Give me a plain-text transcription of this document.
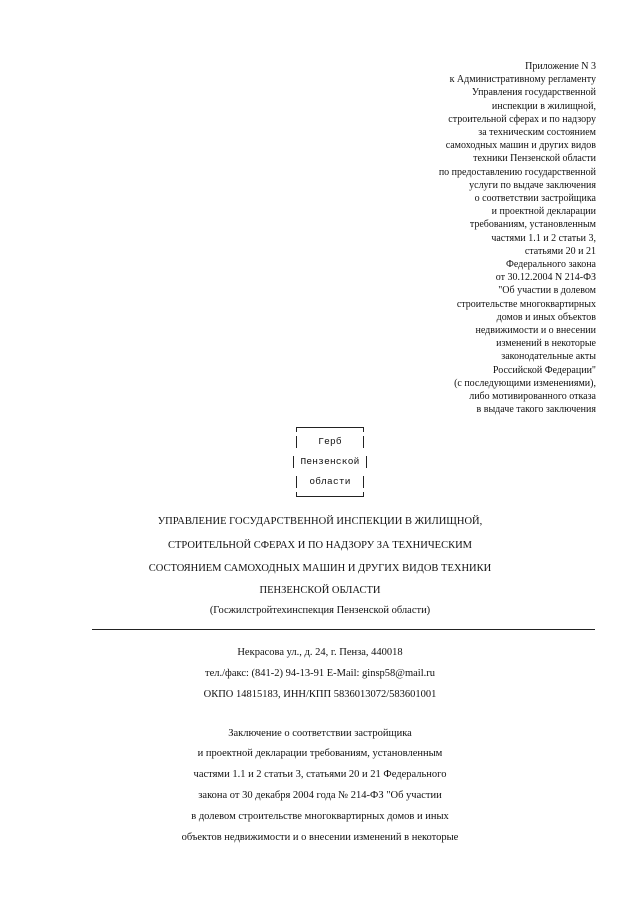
Приложение N 3
к Административному регламенту
Управления государственной
инспекции в жилищной,
строительной сферах и по надзору
за техническим состоянием
самоходных машин и других видов
техники Пензенской области
по предоставлению государственной
услуги по выдаче заключения
о соответствии застройщика
и проектной декларации
требованиям, установленным
частями 1.1 и 2 статьи 3,
статьями 20 и 21
Федерального закона
от 30.12.2004 N 214-ФЗ
"Об участии в долевом
строительстве многоквартирных
домов и иных объектов
недвижимости и о внесении
изменений в некоторые
законодательные акты
Российской Федерации"
(с последующими изменениями),
либо мотивированного отказа
в выдаче такого заключения
Герб
Пензенской
области
УПРАВЛЕНИЕ ГОСУДАРСТВЕННОЙ ИНСПЕКЦИИ В ЖИЛИЩНОЙ,
СТРОИТЕЛЬНОЙ СФЕРАХ И ПО НАДЗОРУ ЗА ТЕХНИЧЕСКИМ
СОСТОЯНИЕМ САМОХОДНЫХ МАШИН И ДРУГИХ ВИДОВ ТЕХНИКИ
ПЕНЗЕНСКОЙ ОБЛАСТИ
(Госжилстройтехинспекция Пензенской области)
Некрасова ул., д. 24, г. Пенза, 440018
тел./факс: (841-2) 94-13-91 E-Mail: ginsp58@mail.ru
ОКПО 14815183, ИНН/КПП 5836013072/583601001
Заключение о соответствии застройщика
и проектной декларации требованиям, установленным
частями 1.1 и 2 статьи 3, статьями 20 и 21 Федерального
закона от 30 декабря 2004 года № 214-ФЗ "Об участии
в долевом строительстве многоквартирных домов и иных
объектов недвижимости и о внесении изменений в некоторые
